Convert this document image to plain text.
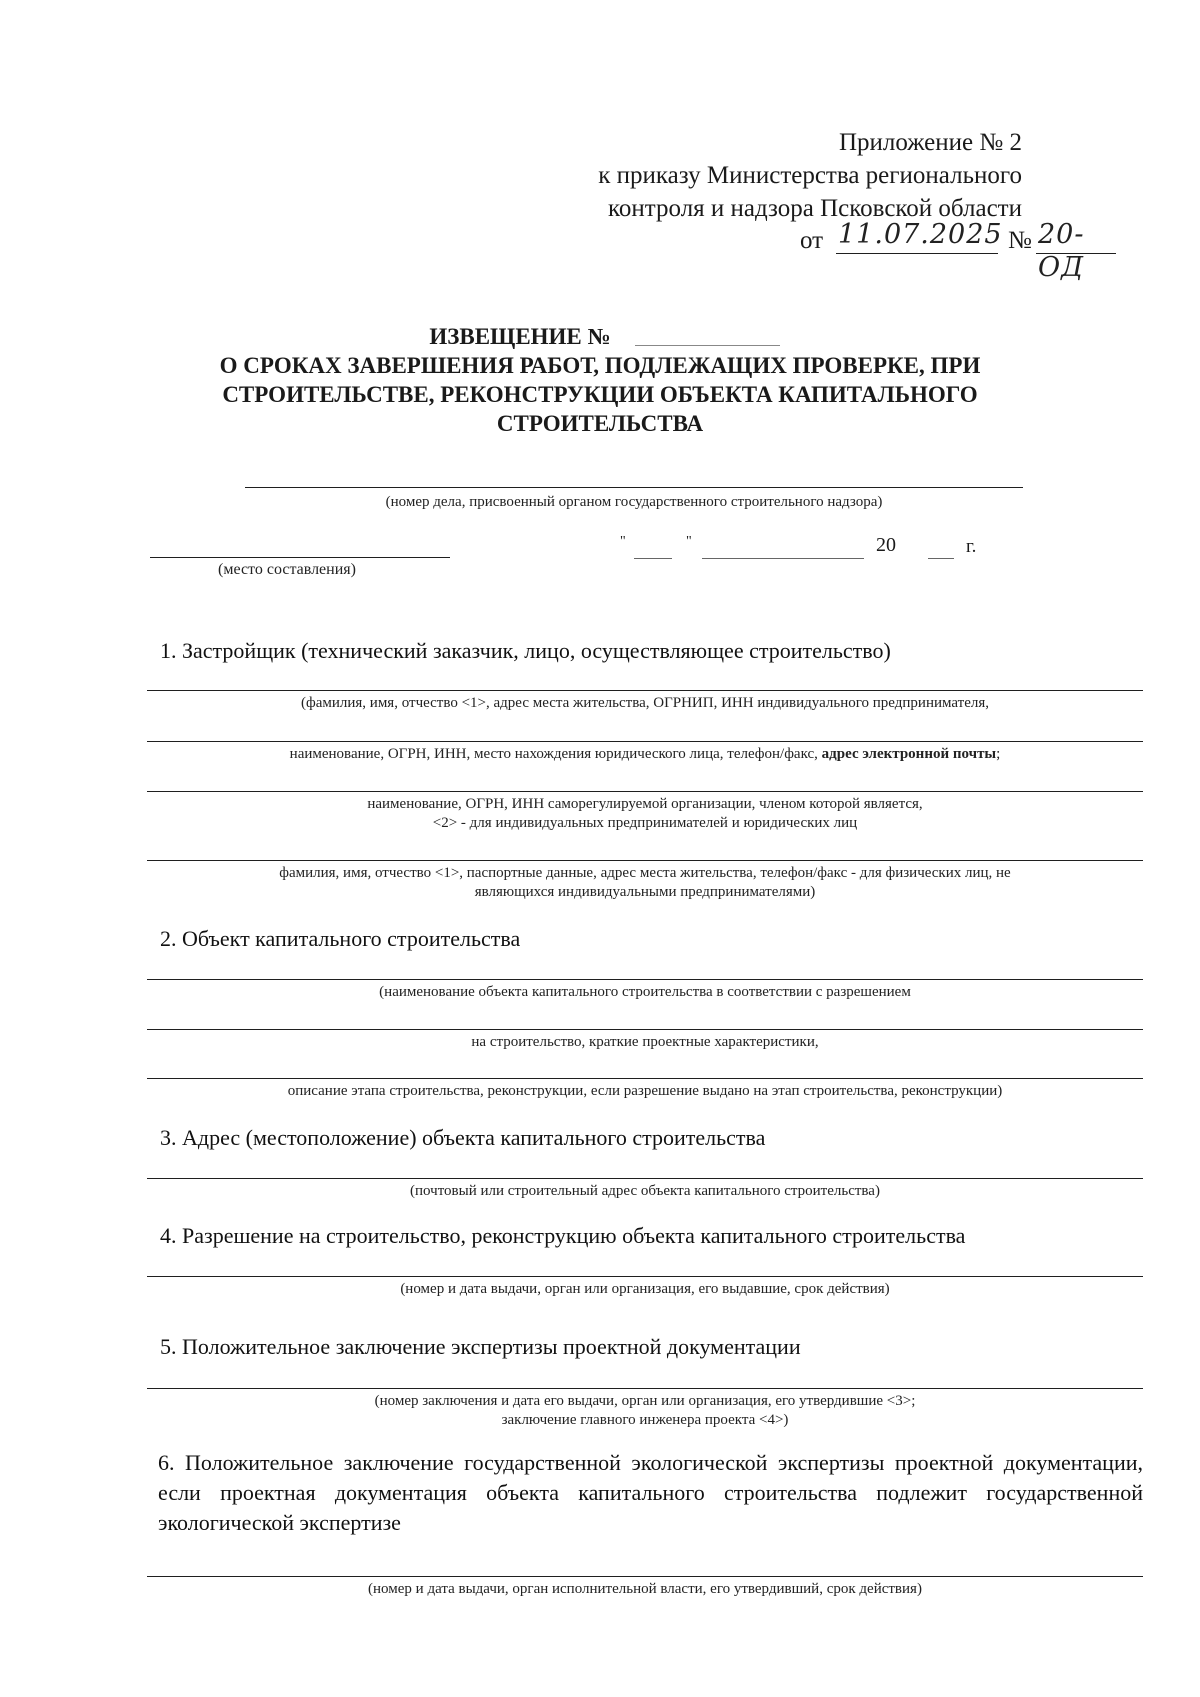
Приложение № 2
к приказу Министерства регионального
контроля и надзора Псковской области
от 11.07.2025 № 20-ОД
ИЗВЕЩЕНИЕ №
О СРОКАХ ЗАВЕРШЕНИЯ РАБОТ, ПОДЛЕЖАЩИХ ПРОВЕРКЕ, ПРИ
СТРОИТЕЛЬСТВЕ, РЕКОНСТРУКЦИИ ОБЪЕКТА КАПИТАЛЬНОГО
СТРОИТЕЛЬСТВА
(номер дела, присвоенный органом государственного строительного надзора)
(место составления)
"	"	20	г.
1. Застройщик (технический заказчик, лицо, осуществляющее строительство)
(фамилия, имя, отчество <1>, адрес места жительства, ОГРНИП, ИНН индивидуального предпринимателя,
наименование, ОГРН, ИНН, место нахождения юридического лица, телефон/факс, адрес электронной почты;
наименование, ОГРН, ИНН саморегулируемой организации, членом которой является,
<2> - для индивидуальных предпринимателей и юридических лиц
фамилия, имя, отчество <1>, паспортные данные, адрес места жительства, телефон/факс - для физических лиц, не
являющихся индивидуальными предпринимателями)
2. Объект капитального строительства
(наименование объекта капитального строительства в соответствии с разрешением
на строительство, краткие проектные характеристики,
описание этапа строительства, реконструкции, если разрешение выдано на этап строительства, реконструкции)
3. Адрес (местоположение) объекта капитального строительства
(почтовый или строительный адрес объекта капитального строительства)
4. Разрешение на строительство, реконструкцию объекта капитального строительства
(номер и дата выдачи, орган или организация, его выдавшие, срок действия)
5. Положительное заключение экспертизы проектной документации
(номер заключения и дата его выдачи, орган или организация, его утвердившие <3>;
заключение главного инженера проекта <4>)
6. Положительное заключение государственной экологической экспертизы проектной документации, если проектная документация объекта капитального строительства подлежит государственной экологической экспертизе
(номер и дата выдачи, орган исполнительной власти, его утвердивший, срок действия)
